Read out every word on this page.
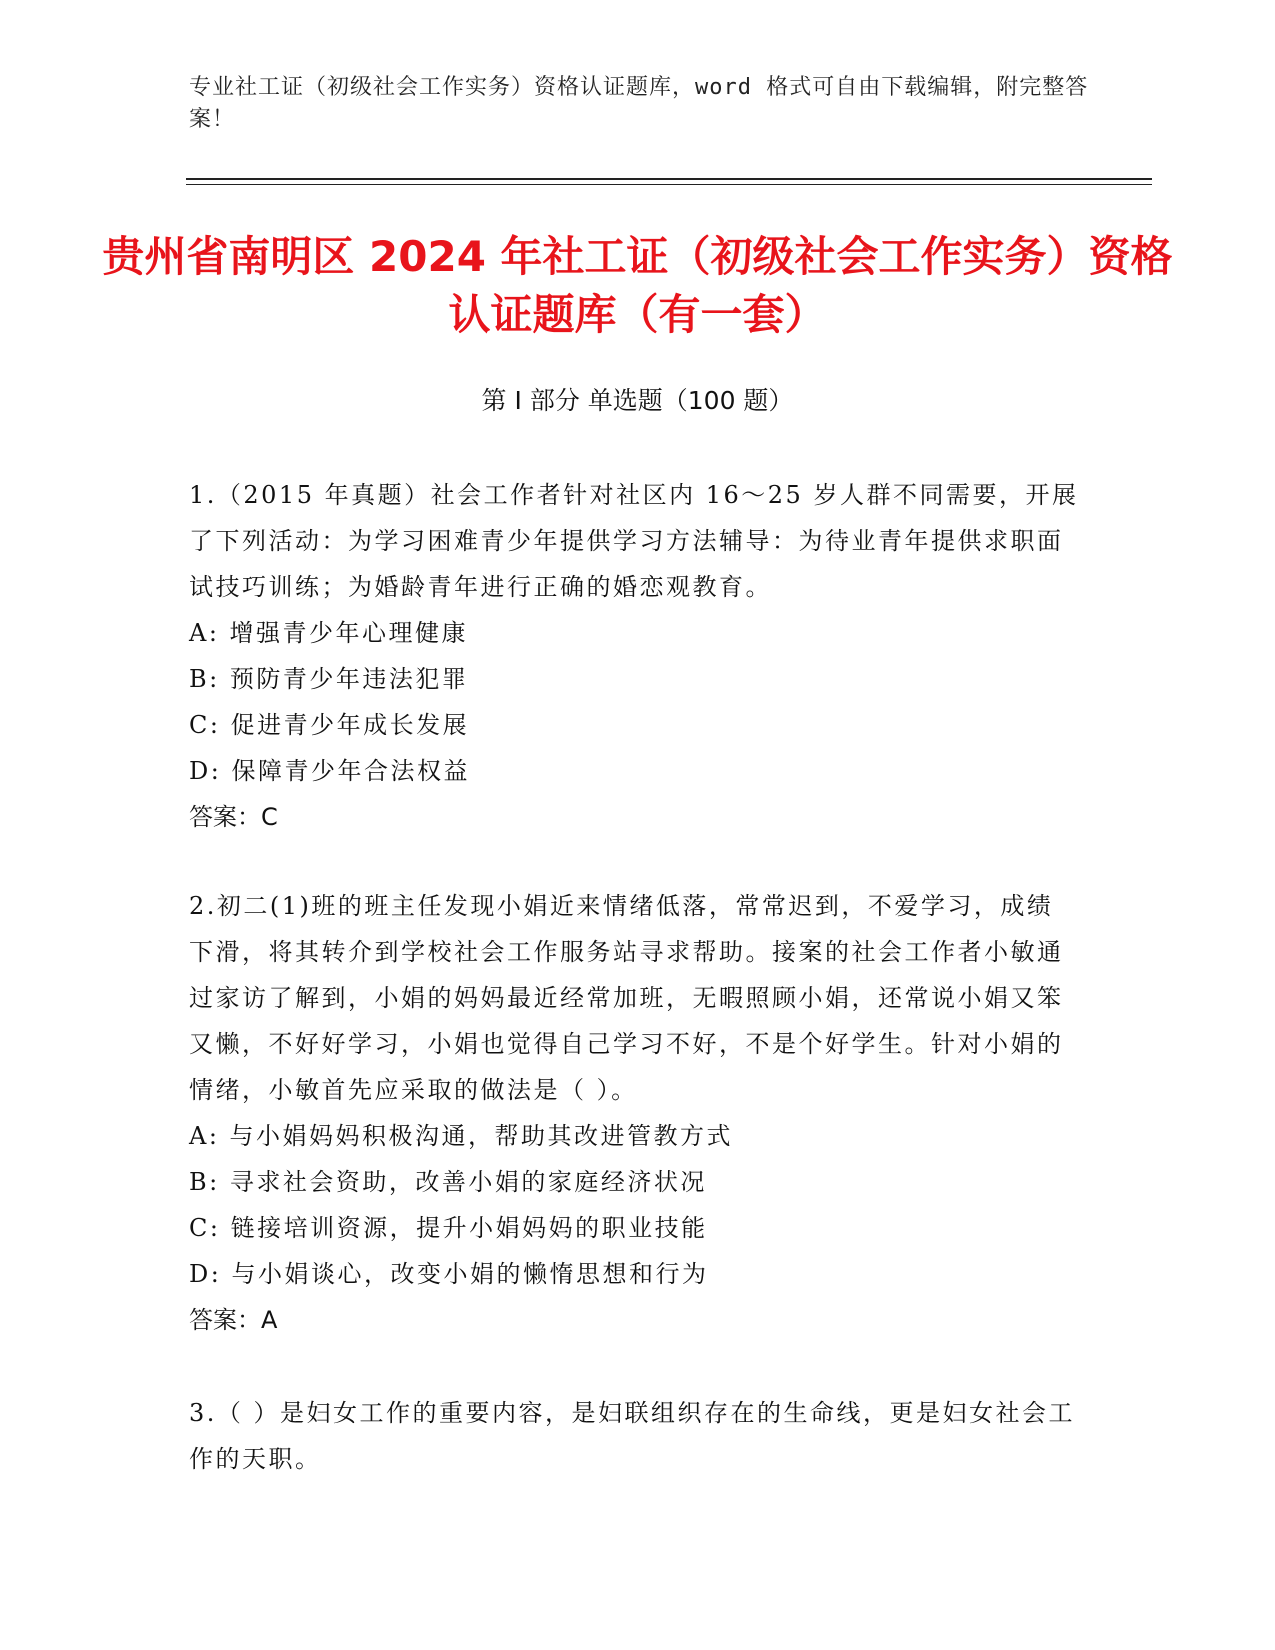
专业社工证（初级社会工作实务）资格认证题库，word 格式可自由下载编辑，附完整答案！
贵州省南明区 2024 年社工证（初级社会工作实务）资格认证题库（有一套）
第 I 部分 单选题（100 题）

1.（2015 年真题）社会工作者针对社区内 16～25 岁人群不同需要，开展了下列活动：为学习困难青少年提供学习方法辅导：为待业青年提供求职面试技巧训练；为婚龄青年进行正确的婚恋观教育。

A: 增强青少年心理健康

B: 预防青少年违法犯罪

C: 促进青少年成长发展

D: 保障青少年合法权益

答案：C

2.初二(1)班的班主任发现小娟近来情绪低落，常常迟到，不爱学习，成绩下滑，将其转介到学校社会工作服务站寻求帮助。接案的社会工作者小敏通过家访了解到，小娟的妈妈最近经常加班，无暇照顾小娟，还常说小娟又笨又懒，不好好学习，小娟也觉得自己学习不好，不是个好学生。针对小娟的情绪，小敏首先应采取的做法是（ ）。

A: 与小娟妈妈积极沟通，帮助其改进管教方式

B: 寻求社会资助，改善小娟的家庭经济状况

C: 链接培训资源，提升小娟妈妈的职业技能

D: 与小娟谈心，改变小娟的懒惰思想和行为

答案：A

3.（ ）是妇女工作的重要内容，是妇联组织存在的生命线，更是妇女社会工作的天职。
